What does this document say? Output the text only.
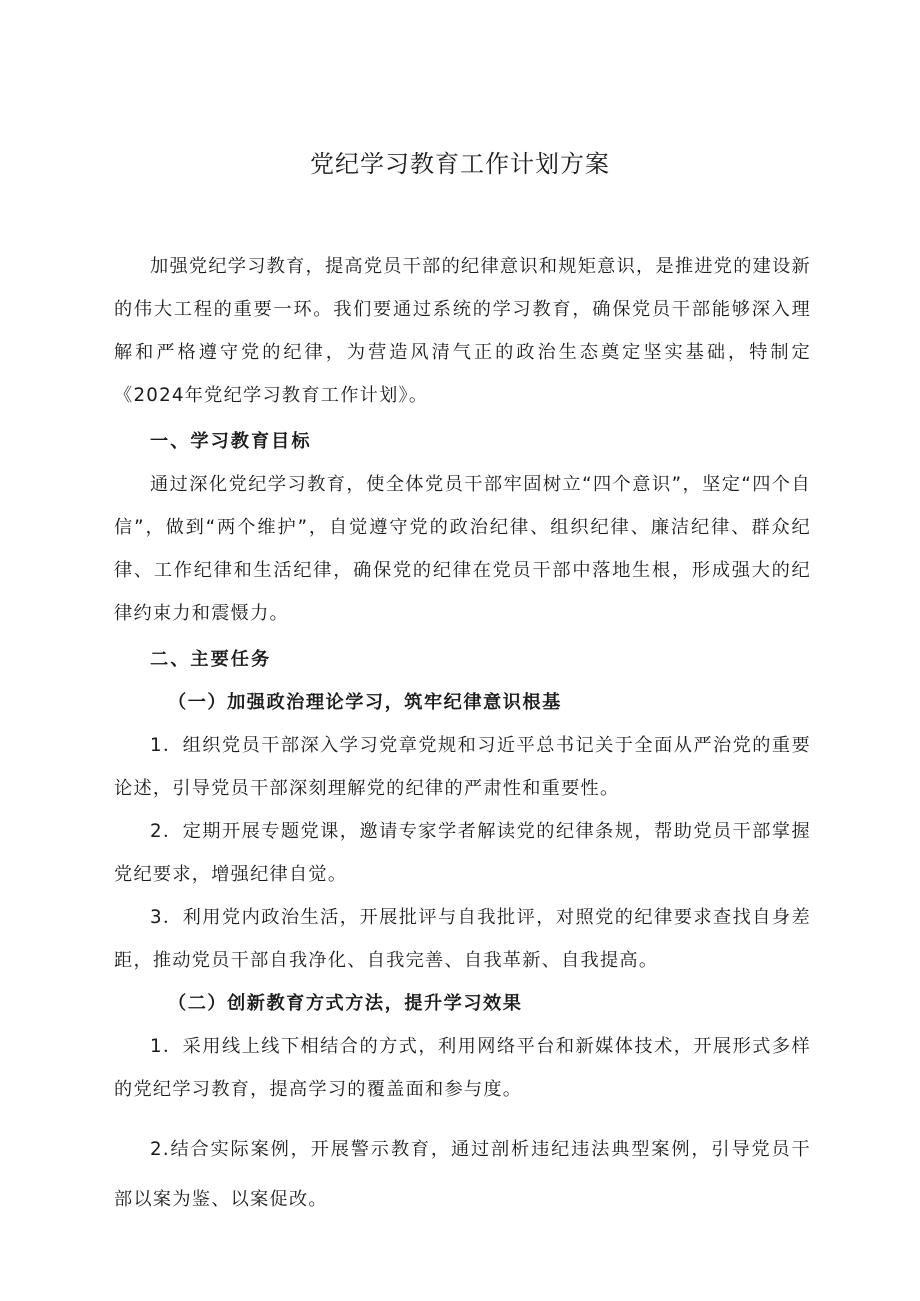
党纪学习教育工作计划方案

加强党纪学习教育，提高党员干部的纪律意识和规矩意识，是推进党的建设新的伟大工程的重要一环。我们要通过系统的学习教育，确保党员干部能够深入理解和严格遵守党的纪律，为营造风清气正的政治生态奠定坚实基础，特制定《2024年党纪学习教育工作计划》。

一、学习教育目标

通过深化党纪学习教育，使全体党员干部牢固树立“四个意识”，坚定“四个自信”，做到“两个维护”，自觉遵守党的政治纪律、组织纪律、廉洁纪律、群众纪律、工作纪律和生活纪律，确保党的纪律在党员干部中落地生根，形成强大的纪律约束力和震慑力。

二、主要任务

（一）加强政治理论学习，筑牢纪律意识根基

1．组织党员干部深入学习党章党规和习近平总书记关于全面从严治党的重要论述，引导党员干部深刻理解党的纪律的严肃性和重要性。

2．定期开展专题党课，邀请专家学者解读党的纪律条规，帮助党员干部掌握党纪要求，增强纪律自觉。

3．利用党内政治生活，开展批评与自我批评，对照党的纪律要求查找自身差距，推动党员干部自我净化、自我完善、自我革新、自我提高。

（二）创新教育方式方法，提升学习效果

1．采用线上线下相结合的方式，利用网络平台和新媒体技术，开展形式多样的党纪学习教育，提高学习的覆盖面和参与度。

2.结合实际案例，开展警示教育，通过剖析违纪违法典型案例，引导党员干部以案为鉴、以案促改。
